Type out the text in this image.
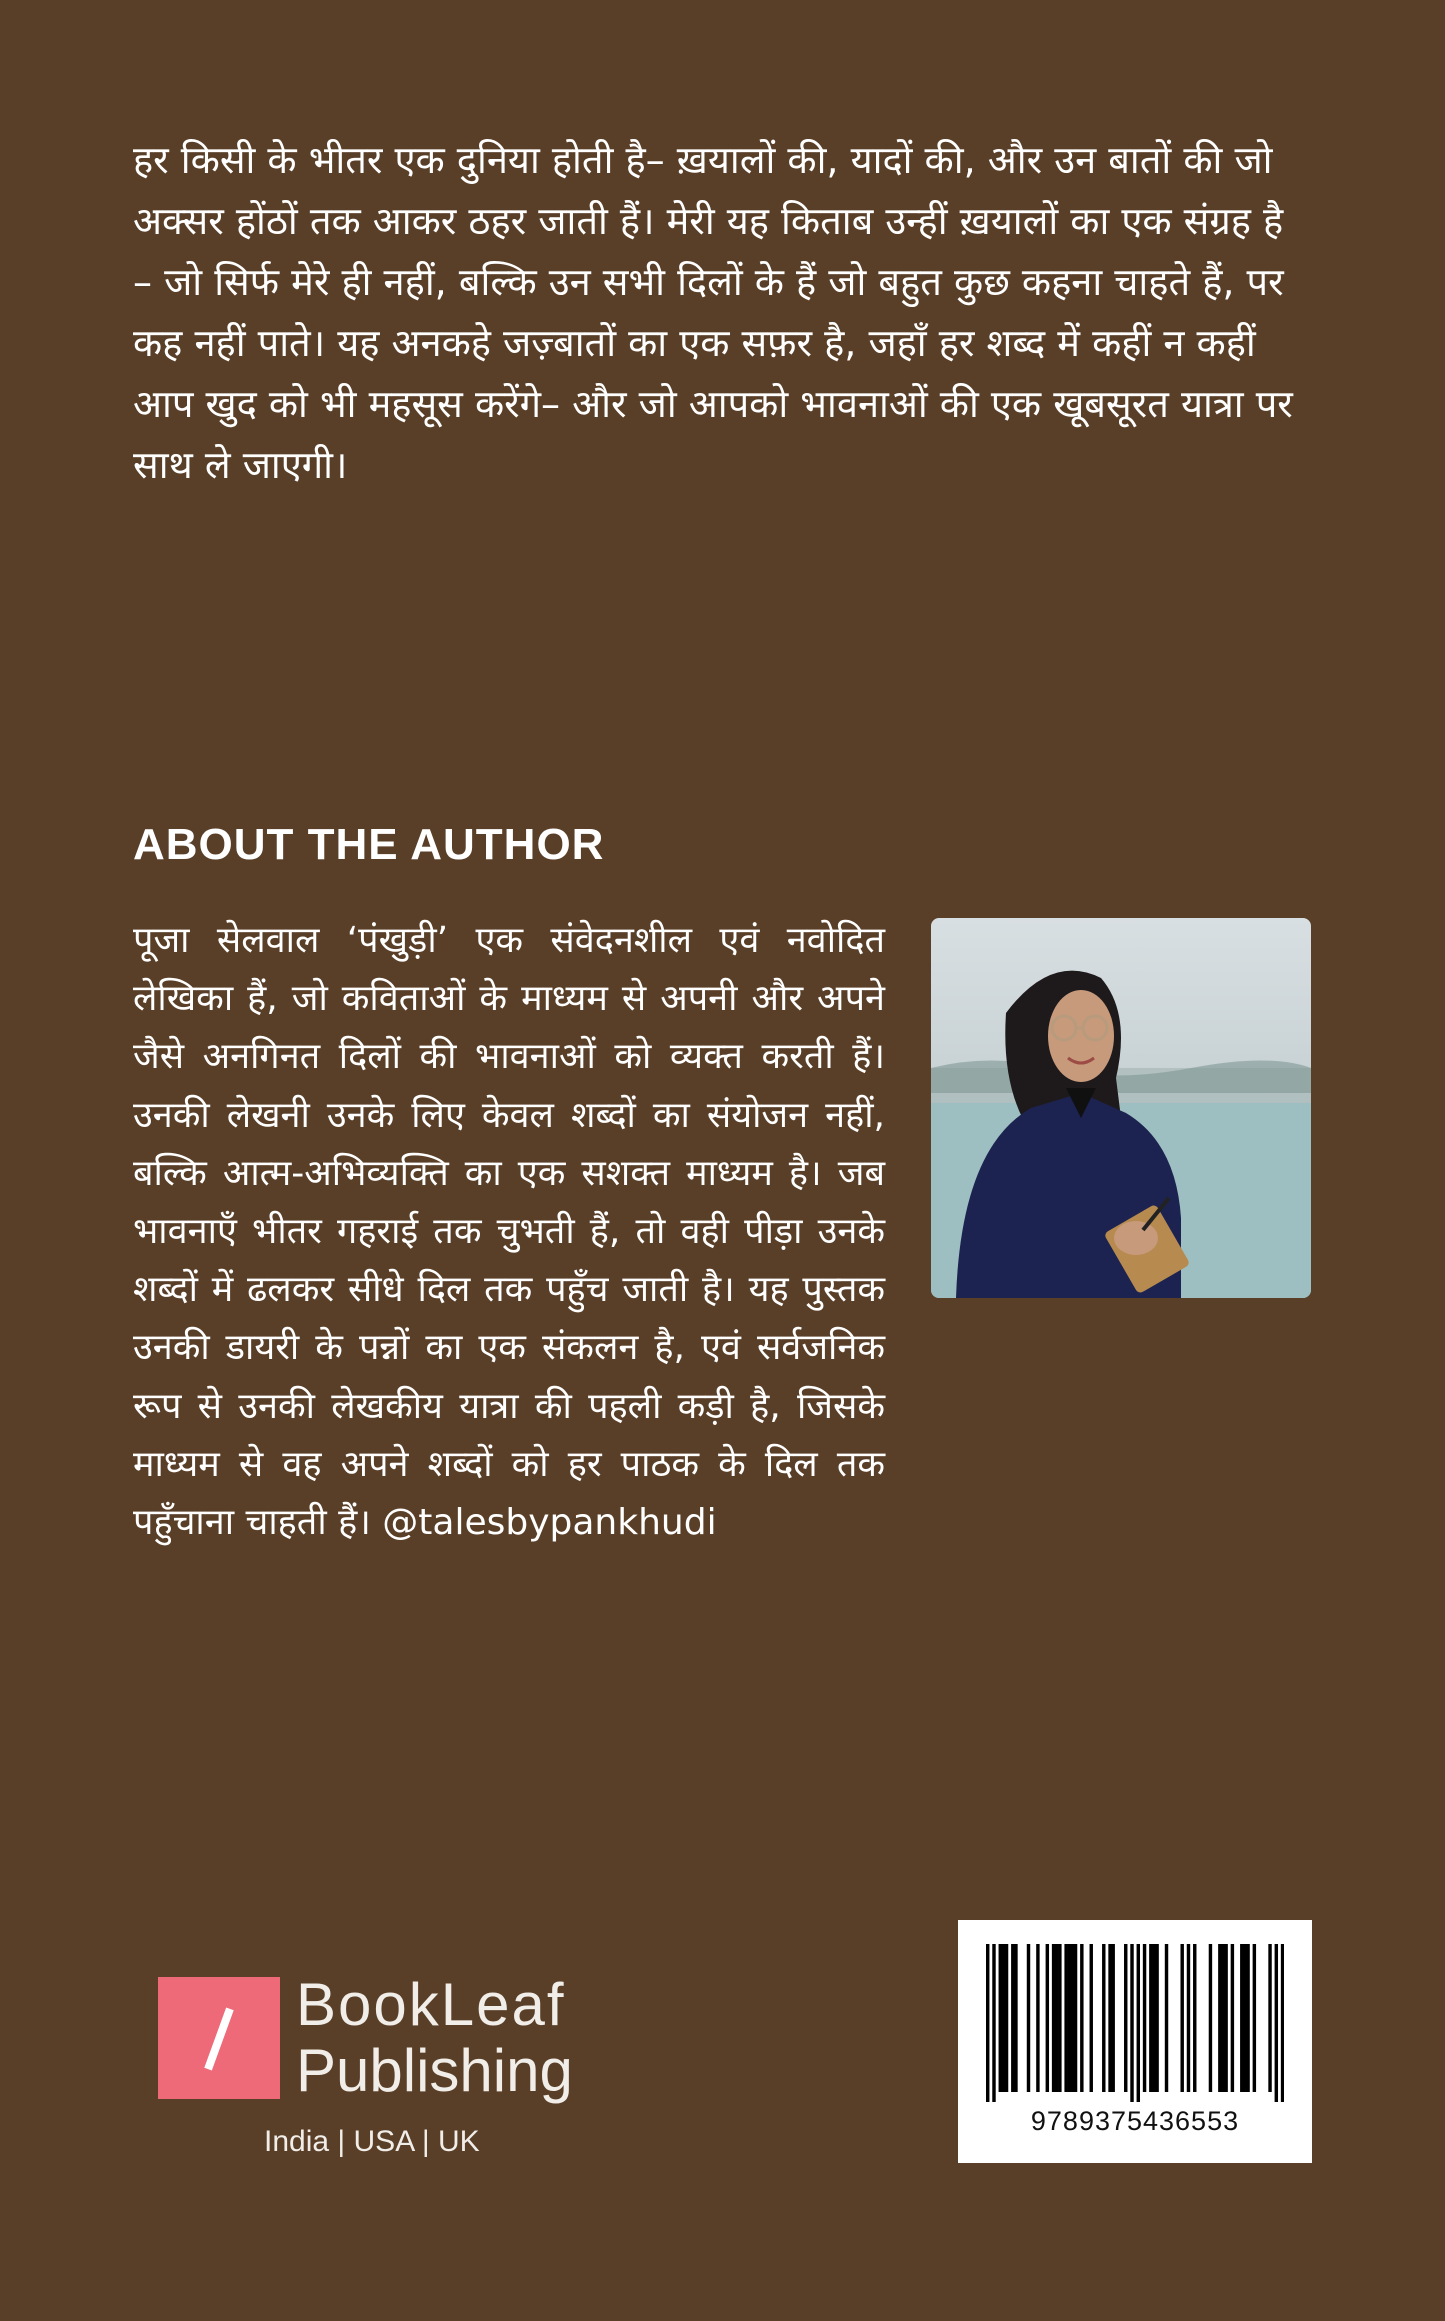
हर किसी के भीतर एक दुनिया होती है– ख़यालों की, यादों की, और उन बातों की जो अक्सर होंठों तक आकर ठहर जाती हैं। मेरी यह किताब उन्हीं ख़यालों का एक संग्रह है – जो सिर्फ मेरे ही नहीं, बल्कि उन सभी दिलों के हैं जो बहुत कुछ कहना चाहते हैं, पर कह नहीं पाते। यह अनकहे जज़्बातों का एक सफ़र है, जहाँ हर शब्द में कहीं न कहीं आप खुद को भी महसूस करेंगे– और जो आपको भावनाओं की एक खूबसूरत यात्रा पर साथ ले जाएगी।

ABOUT THE AUTHOR

पूजा सेलवाल ‘पंखुड़ी’ एक संवेदनशील एवं नवोदित लेखिका हैं, जो कविताओं के माध्यम से अपनी और अपने जैसे अनगिनत दिलों की भावनाओं को व्यक्त करती हैं। उनकी लेखनी उनके लिए केवल शब्दों का संयोजन नहीं, बल्कि आत्म-अभिव्यक्ति का एक सशक्त माध्यम है। जब भावनाएँ भीतर गहराई तक चुभती हैं, तो वही पीड़ा उनके शब्दों में ढलकर सीधे दिल तक पहुँच जाती है। यह पुस्तक उनकी डायरी के पन्नों का एक संकलन है, एवं सर्वजनिक रूप से उनकी लेखकीय यात्रा की पहली कड़ी है, जिसके माध्यम से वह अपने शब्दों को हर पाठक के दिल तक पहुँचाना चाहती हैं। @talesbypankhudi

BookLeaf
Publishing
India | USA | UK
9789375436553
